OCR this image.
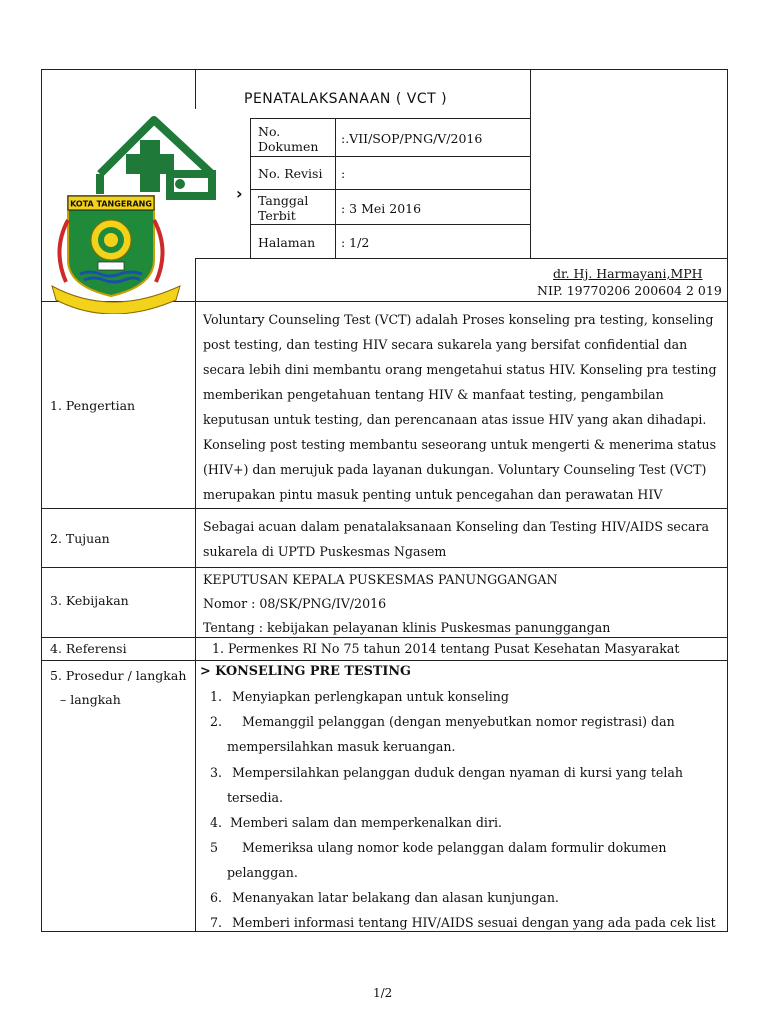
›
KOTA TANGERANG
PENATALAKSANAAN ( VCT )
No. Dokumen
:.VII/SOP/PNG/V/2016
No. Revisi :
Tanggal Terbit	: 3 Mei 2016
Halaman : 1/2
dr. Hj. Harmayani,MPH
NIP. 19770206 200604 2 019
1. Pengertian
Voluntary Counseling Test (VCT) adalah Proses konseling pra testing, konseling
post testing, dan testing HIV secara sukarela yang bersifat confidential dan
secara lebih dini membantu orang mengetahui status HIV. Konseling pra testing
memberikan pengetahuan tentang HIV & manfaat testing, pengambilan
keputusan untuk testing, dan perencanaan atas issue HIV yang akan dihadapi.
Konseling post testing membantu seseorang untuk mengerti & menerima status
(HIV+) dan merujuk pada layanan dukungan. Voluntary Counseling Test (VCT)
merupakan pintu masuk penting untuk pencegahan dan perawatan HIV
2. Tujuan
Sebagai acuan dalam penatalaksanaan Konseling dan Testing HIV/AIDS secara
sukarela di UPTD Puskesmas Ngasem
3. Kebijakan
KEPUTUSAN KEPALA PUSKESMAS PANUNGGANGAN
Nomor : 08/SK/PNG/IV/2016
Tentang : kebijakan pelayanan klinis Puskesmas panunggangan
4. Referensi	1. Permenkes RI No 75 tahun 2014 tentang Pusat Kesehatan Masyarakat
5. Prosedur / langkah
– langkah
> KONSELING PRE TESTING
1. Menyiapkan perlengkapan untuk konseling
2. Memanggil pelanggan (dengan menyebutkan nomor registrasi) dan
mempersilahkan masuk keruangan.
3. Mempersilahkan pelanggan duduk dengan nyaman di kursi yang telah
tersedia.
4. Memberi salam dan memperkenalkan diri.
5 Memeriksa ulang nomor kode pelanggan dalam formulir dokumen
pelanggan.
6. Menanyakan latar belakang dan alasan kunjungan.
7. Memberi informasi tentang HIV/AIDS sesuai dengan yang ada pada cek list
1/2
